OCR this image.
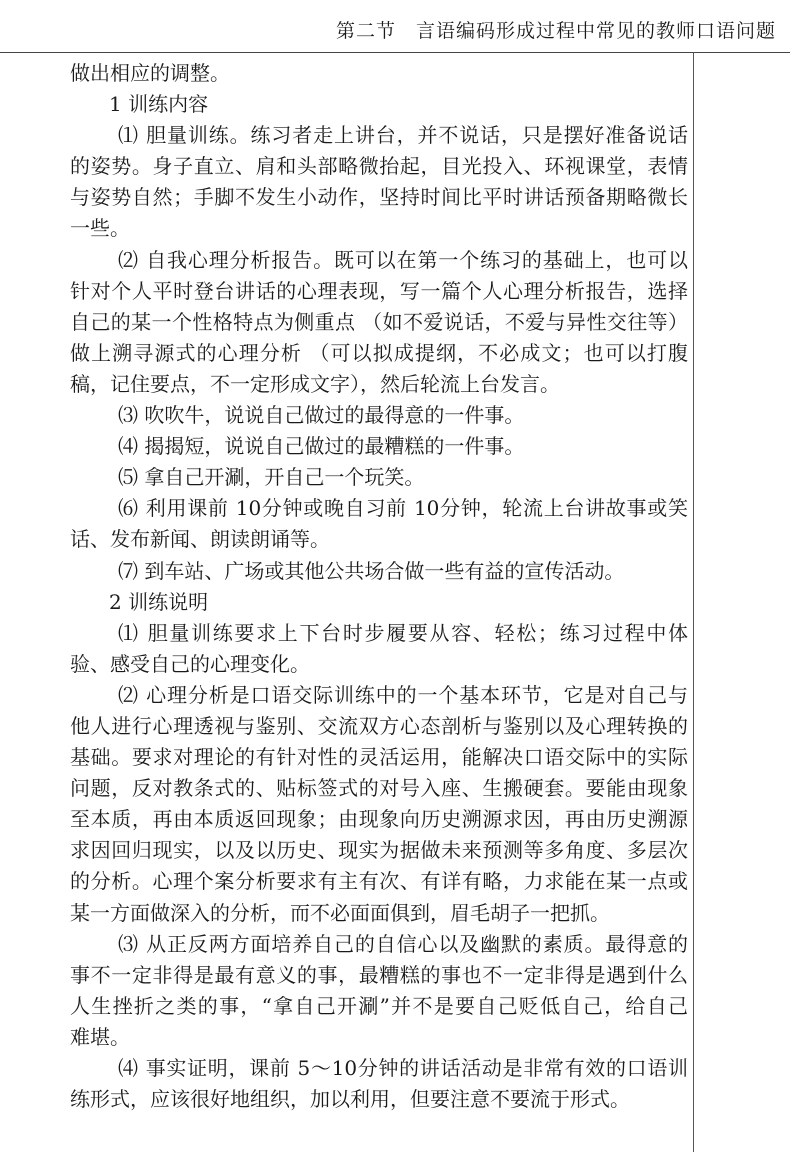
第二节　言语编码形成过程中常见的教师口语问题
做出相应的调整。
1 训练内容
⑴ 胆量训练。练习者走上讲台，并不说话，只是摆好准备说话
的姿势。身子直立、肩和头部略微抬起，目光投入、环视课堂，表情
与姿势自然；手脚不发生小动作，坚持时间比平时讲话预备期略微长
一些。
⑵ 自我心理分析报告。既可以在第一个练习的基础上，也可以
针对个人平时登台讲话的心理表现，写一篇个人心理分析报告，选择
自己的某一个性格特点为侧重点 （如不爱说话，不爱与异性交往等）
做上溯寻源式的心理分析 （可以拟成提纲，不必成文；也可以打腹
稿，记住要点，不一定形成文字），然后轮流上台发言。
⑶ 吹吹牛，说说自己做过的最得意的一件事。
⑷ 揭揭短，说说自己做过的最糟糕的一件事。
⑸ 拿自己开涮，开自己一个玩笑。
⑹ 利用课前 10分钟或晚自习前 10分钟，轮流上台讲故事或笑
话、发布新闻、朗读朗诵等。
⑺ 到车站、广场或其他公共场合做一些有益的宣传活动。
2 训练说明
⑴ 胆量训练要求上下台时步履要从容、轻松；练习过程中体
验、感受自己的心理变化。
⑵ 心理分析是口语交际训练中的一个基本环节，它是对自己与
他人进行心理透视与鉴别、交流双方心态剖析与鉴别以及心理转换的
基础。要求对理论的有针对性的灵活运用，能解决口语交际中的实际
问题，反对教条式的、贴标签式的对号入座、生搬硬套。要能由现象
至本质，再由本质返回现象；由现象向历史溯源求因，再由历史溯源
求因回归现实，以及以历史、现实为据做未来预测等多角度、多层次
的分析。心理个案分析要求有主有次、有详有略，力求能在某一点或
某一方面做深入的分析，而不必面面俱到，眉毛胡子一把抓。
⑶ 从正反两方面培养自己的自信心以及幽默的素质。最得意的
事不一定非得是最有意义的事，最糟糕的事也不一定非得是遇到什么
人生挫折之类的事，“拿自己开涮”并不是要自己贬低自己，给自己
难堪。
⑷ 事实证明，课前 5～10分钟的讲话活动是非常有效的口语训
练形式，应该很好地组织，加以利用，但要注意不要流于形式。
